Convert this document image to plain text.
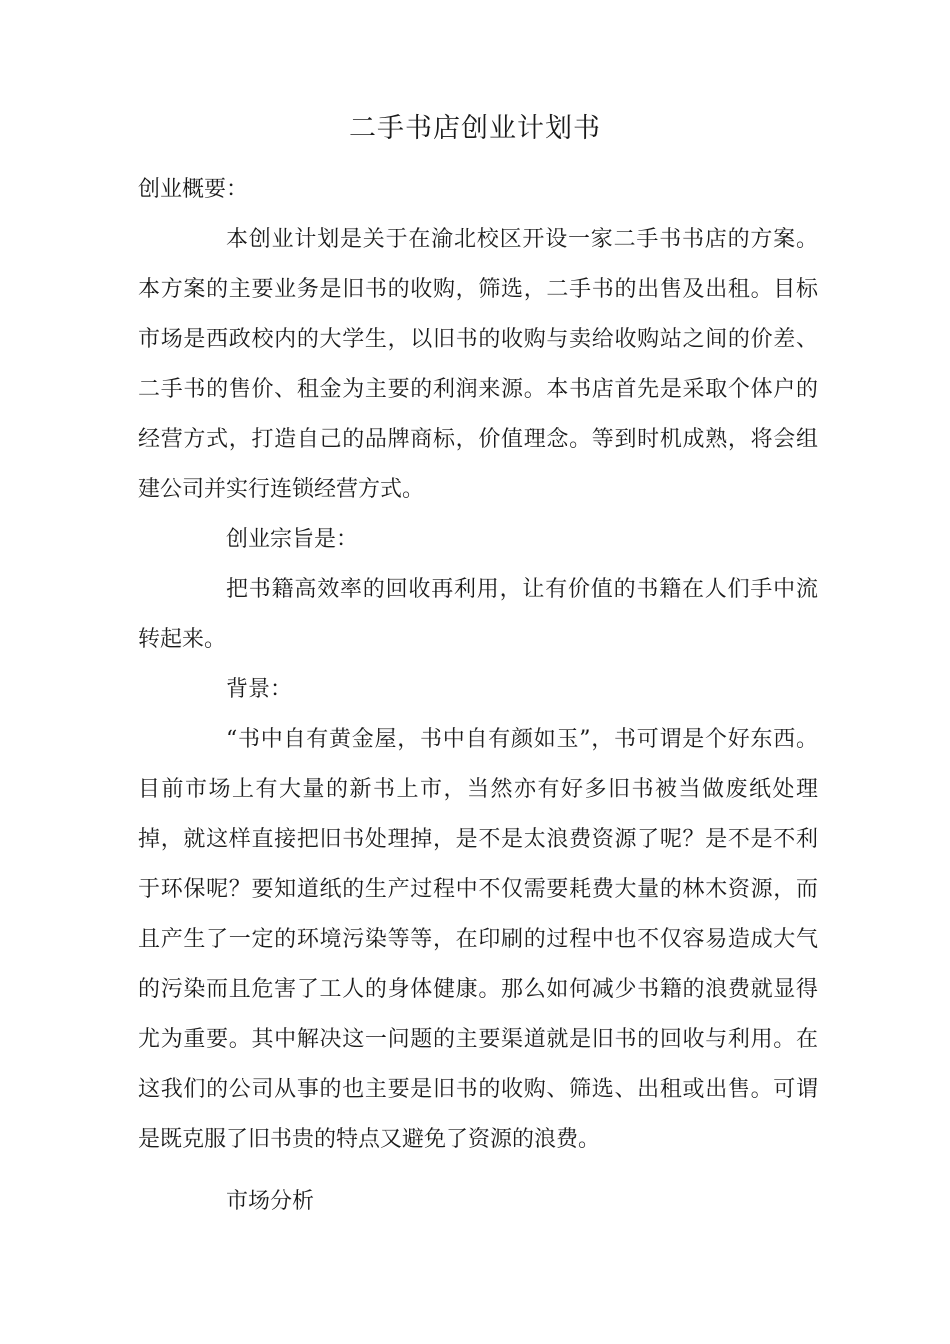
二手书店创业计划书

创业概要：

本创业计划是关于在渝北校区开设一家二手书书店的方案。本方案的主要业务是旧书的收购，筛选，二手书的出售及出租。目标市场是西政校内的大学生，以旧书的收购与卖给收购站之间的价差、二手书的售价、租金为主要的利润来源。本书店首先是采取个体户的经营方式，打造自己的品牌商标，价值理念。等到时机成熟，将会组建公司并实行连锁经营方式。

创业宗旨是：

把书籍高效率的回收再利用，让有价值的书籍在人们手中流转起来。

背景：

“书中自有黄金屋，书中自有颜如玉”，书可谓是个好东西。目前市场上有大量的新书上市，当然亦有好多旧书被当做废纸处理掉，就这样直接把旧书处理掉，是不是太浪费资源了呢？是不是不利于环保呢？要知道纸的生产过程中不仅需要耗费大量的林木资源，而且产生了一定的环境污染等等，在印刷的过程中也不仅容易造成大气的污染而且危害了工人的身体健康。那么如何减少书籍的浪费就显得尤为重要。其中解决这一问题的主要渠道就是旧书的回收与利用。在这我们的公司从事的也主要是旧书的收购、筛选、出租或出售。可谓是既克服了旧书贵的特点又避免了资源的浪费。

市场分析
